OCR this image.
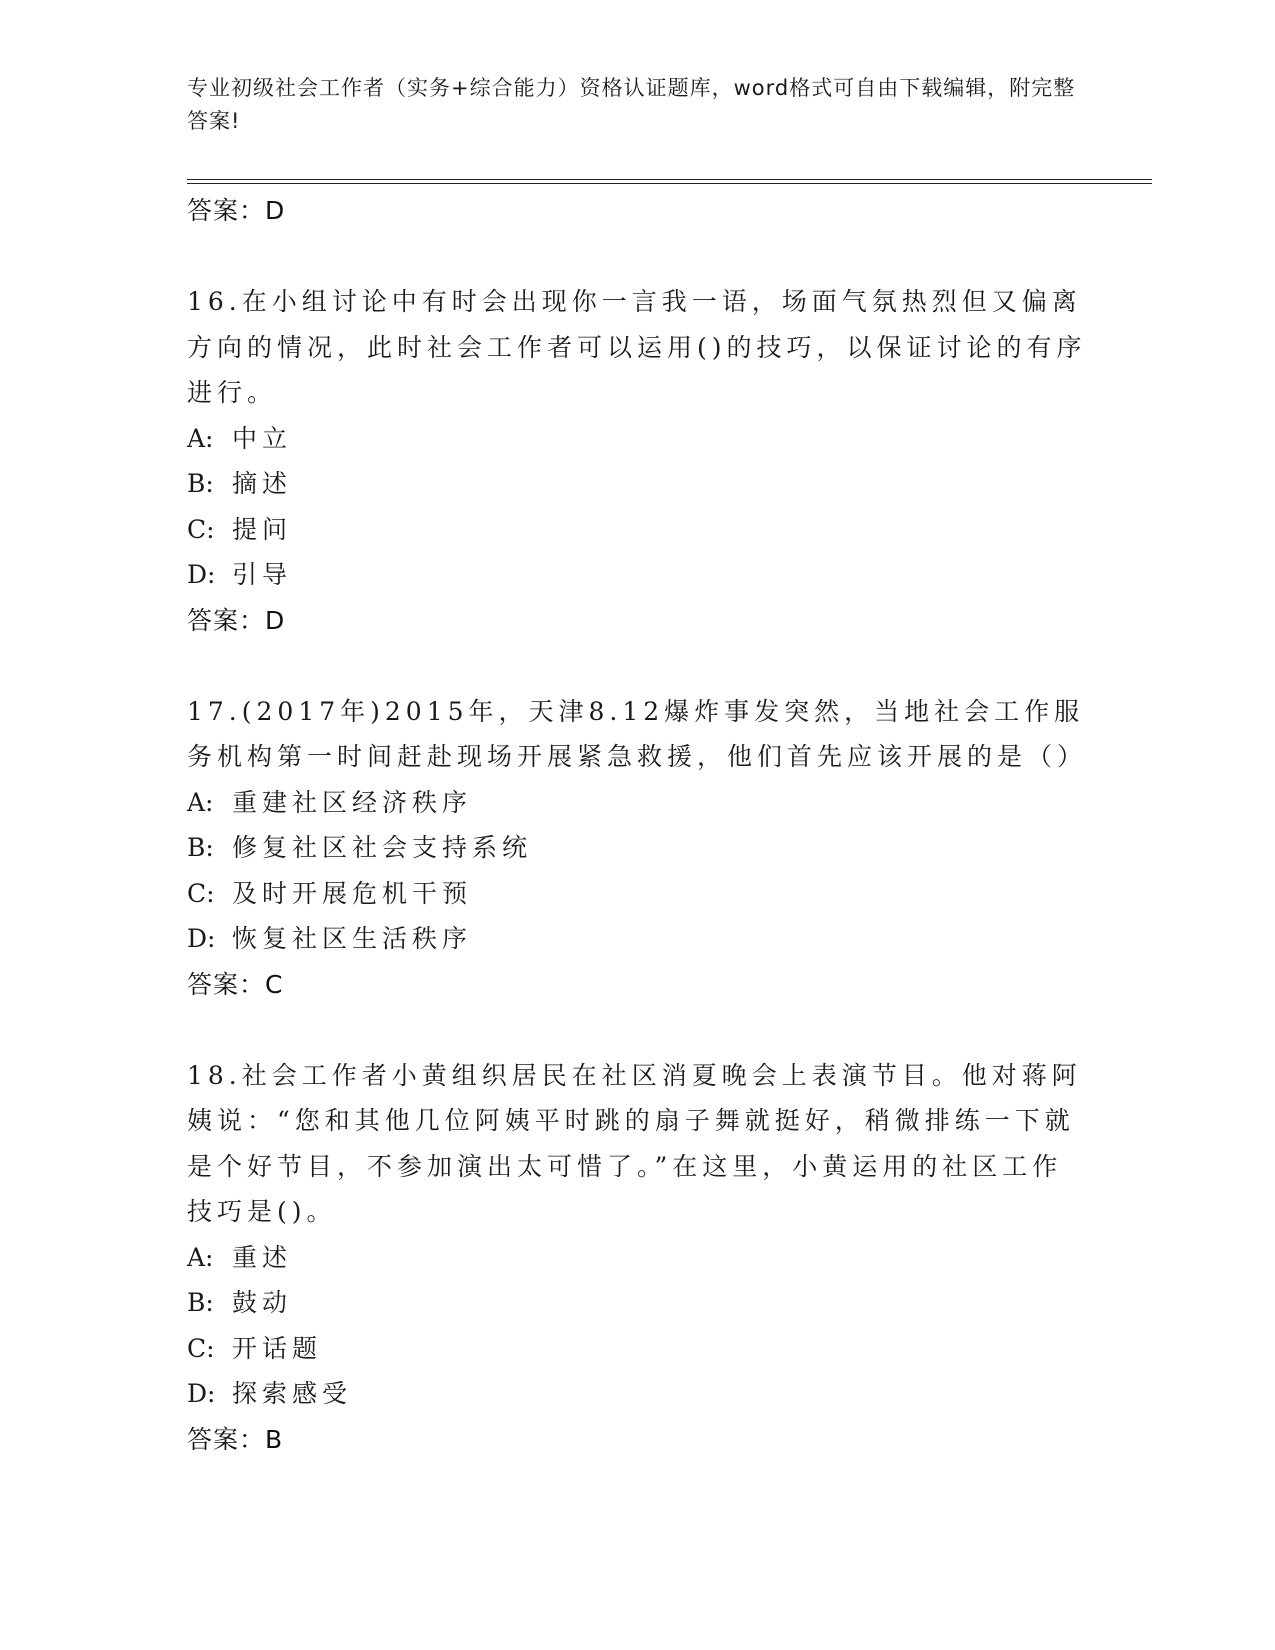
专业初级社会工作者（实务+综合能力）资格认证题库，word格式可自由下载编辑，附完整答案!
答案：D
16.在小组讨论中有时会出现你一言我一语，场面气氛热烈但又偏离方向的情况，此时社会工作者可以运用()的技巧，以保证讨论的有序进行。
A: 中立
B: 摘述
C: 提问
D: 引导
答案：D
17.(2017年)2015年，天津8.12爆炸事发突然，当地社会工作服务机构第一时间赶赴现场开展紧急救援，他们首先应该开展的是（）
A: 重建社区经济秩序
B: 修复社区社会支持系统
C: 及时开展危机干预
D: 恢复社区生活秩序
答案：C
18.社会工作者小黄组织居民在社区消夏晚会上表演节目。他对蒋阿姨说：“您和其他几位阿姨平时跳的扇子舞就挺好，稍微排练一下就是个好节目，不参加演出太可惜了。”在这里，小黄运用的社区工作技巧是()。
A: 重述
B: 鼓动
C: 开话题
D: 探索感受
答案：B
